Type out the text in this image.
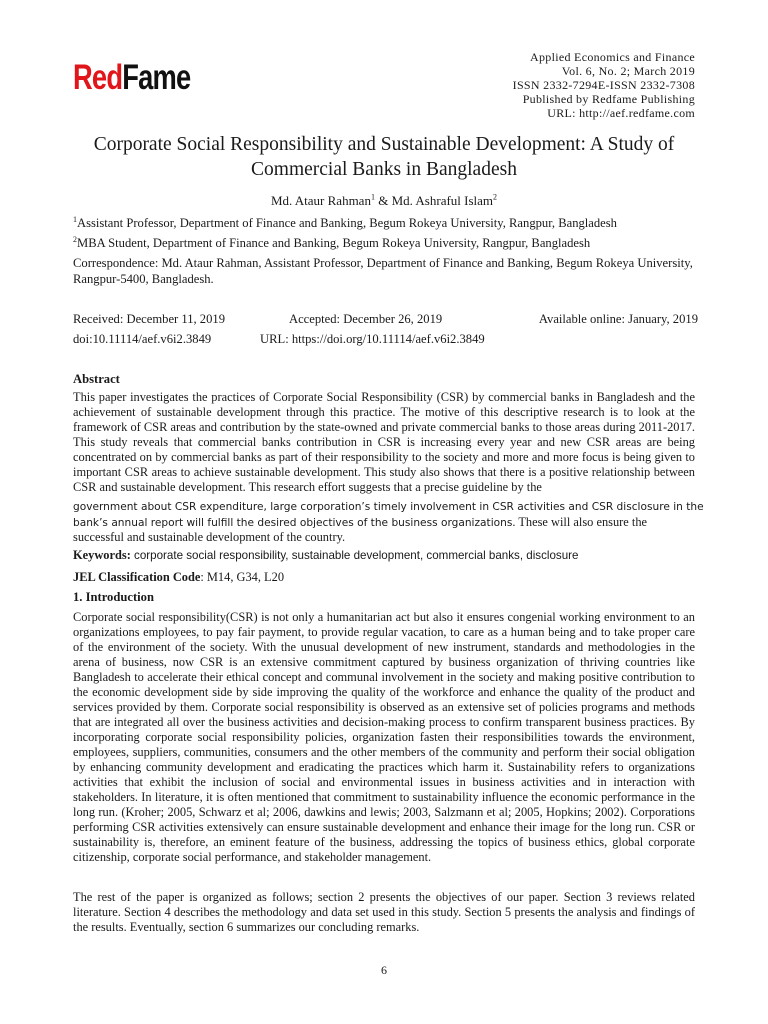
RedFame
Applied Economics and Finance
Vol. 6, No. 2; March 2019
ISSN 2332-7294E-ISSN 2332-7308
Published by Redfame Publishing
URL: http://aef.redfame.com
Corporate Social Responsibility and Sustainable Development: A Study of Commercial Banks in Bangladesh
Md. Ataur Rahman$^1$ & Md. Ashraful Islam$^2$
$^1$Assistant Professor, Department of Finance and Banking, Begum Rokeya University, Rangpur, Bangladesh
$^2$MBA Student, Department of Finance and Banking, Begum Rokeya University, Rangpur, Bangladesh
Correspondence: Md. Ataur Rahman, Assistant Professor, Department of Finance and Banking, Begum Rokeya University, Rangpur-5400, Bangladesh.
Received: December 11, 2019	Accepted: December 26, 2019	Available online: January, 2019
doi:10.11114/aef.v6i2.3849	URL: https://doi.org/10.11114/aef.v6i2.3849
Abstract
This paper investigates the practices of Corporate Social Responsibility (CSR) by commercial banks in Bangladesh and the achievement of sustainable development through this practice. The motive of this descriptive research is to look at the framework of CSR areas and contribution by the state-owned and private commercial banks to those areas during 2011-2017. This study reveals that commercial banks contribution in CSR is increasing every year and new CSR areas are being concentrated on by commercial banks as part of their responsibility to the society and more and more focus is being given to important CSR areas to achieve sustainable development. This study also shows that there is a positive relationship between CSR and sustainable development. This research effort suggests that a precise guideline by the
government about CSR expenditure, large corporation’s timely involvement in CSR activities and CSR disclosure in the
bank’s annual report will fulfill the desired objectives of the business organizations. These will also ensure the
successful and sustainable development of the country.
Keywords: corporate social responsibility, sustainable development, commercial banks, disclosure
JEL Classification Code: M14, G34, L20
1. Introduction
Corporate social responsibility(CSR) is not only a humanitarian act but also it ensures congenial working environment to an organizations employees, to pay fair payment, to provide regular vacation, to care as a human being and to take proper care of the environment of the society. With the unusual development of new instrument, standards and methodologies in the arena of business, now CSR is an extensive commitment captured by business organization of thriving countries like Bangladesh to accelerate their ethical concept and communal involvement in the society and making positive contribution to the economic development side by side improving the quality of the workforce and enhance the quality of the product and services provided by them. Corporate social responsibility is observed as an extensive set of policies programs and methods that are integrated all over the business activities and decision-making process to confirm transparent business practices. By incorporating corporate social responsibility policies, organization fasten their responsibilities towards the environment, employees, suppliers, communities, consumers and the other members of the community and perform their social obligation by enhancing community development and eradicating the practices which harm it. Sustainability refers to organizations activities that exhibit the inclusion of social and environmental issues in business activities and in interaction with stakeholders. In literature, it is often mentioned that commitment to sustainability influence the economic performance in the long run. (Kroher; 2005, Schwarz et al; 2006, dawkins and lewis; 2003, Salzmann et al; 2005, Hopkins; 2002). Corporations performing CSR activities extensively can ensure sustainable development and enhance their image for the long run. CSR or sustainability is, therefore, an eminent feature of the business, addressing the topics of business ethics, global corporate citizenship, corporate social performance, and stakeholder management.
The rest of the paper is organized as follows; section 2 presents the objectives of our paper. Section 3 reviews related literature. Section 4 describes the methodology and data set used in this study. Section 5 presents the analysis and findings of the results. Eventually, section 6 summarizes our concluding remarks.
6
